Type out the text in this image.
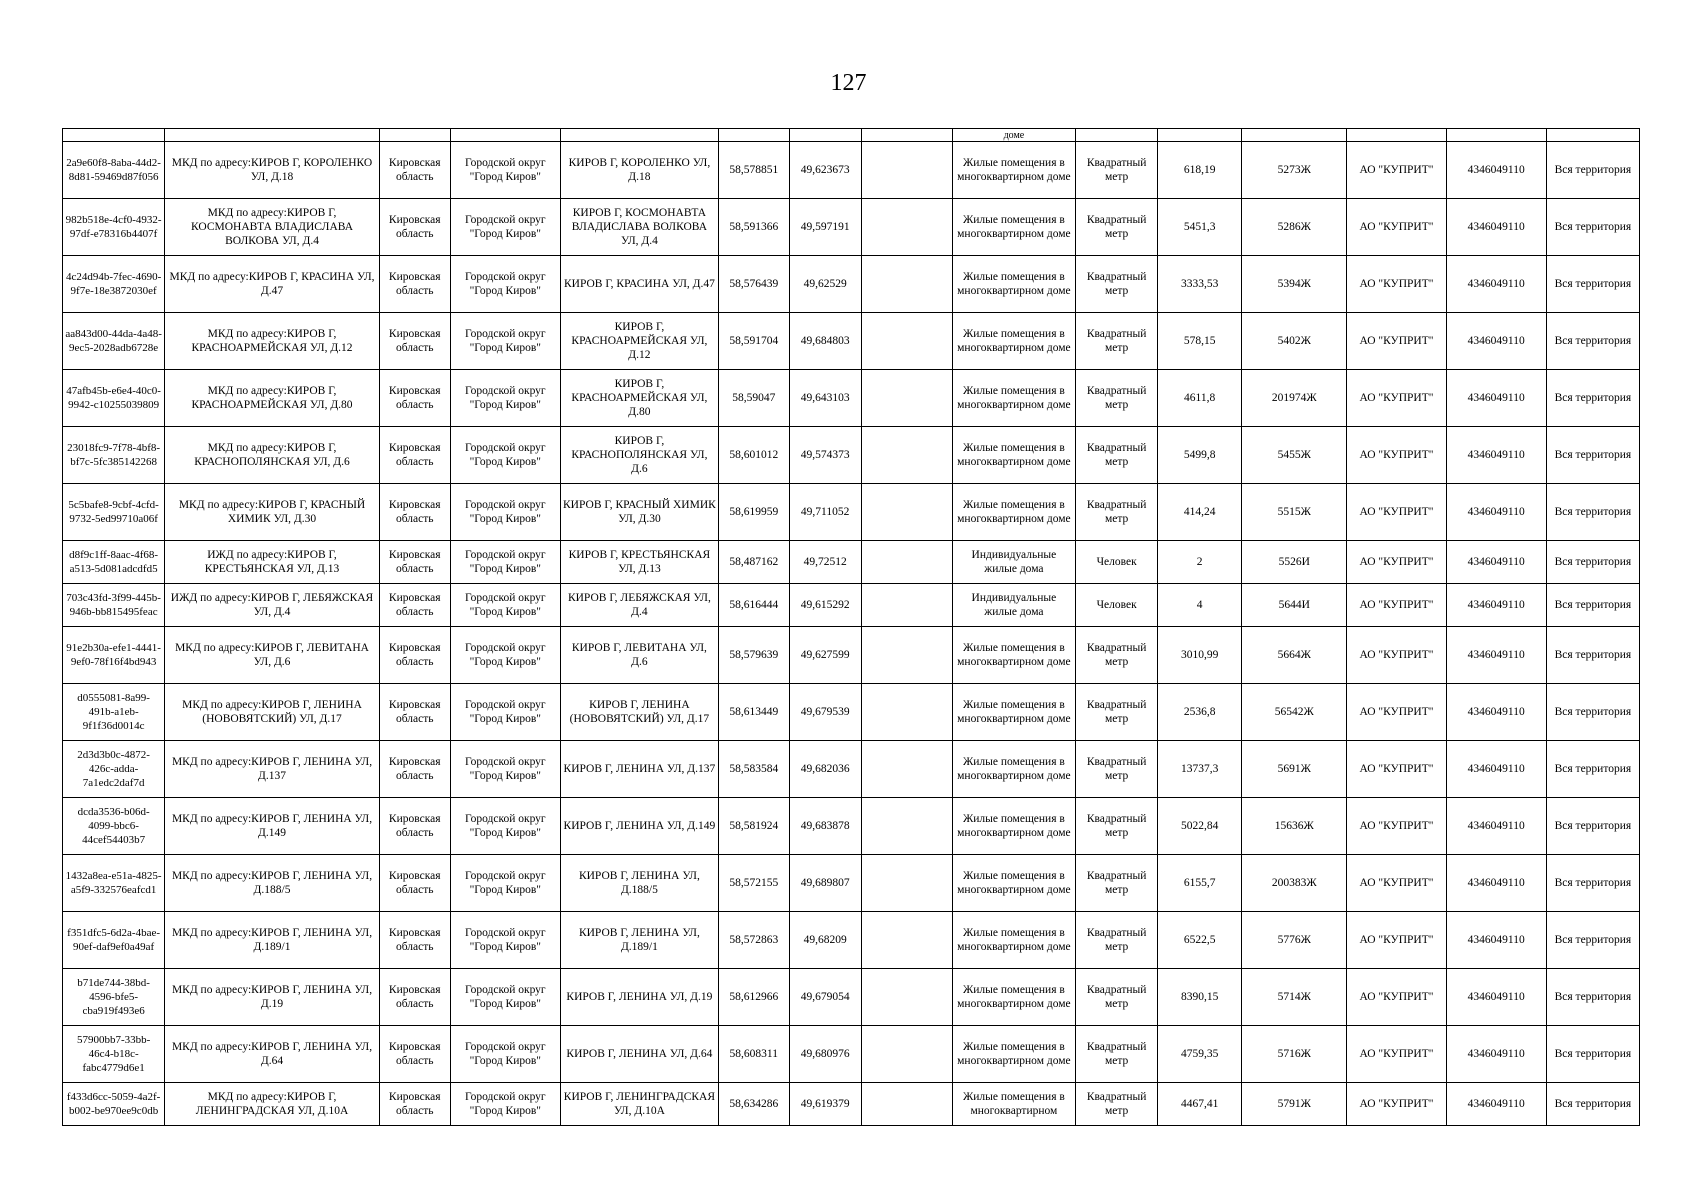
127
								доме						
2a9e60f8-8aba-44d2-8d81-59469d87f056	МКД по адресу:КИРОВ Г, КОРОЛЕНКО УЛ, Д.18	Кировская область	Городской округ "Город Киров"	КИРОВ Г, КОРОЛЕНКО УЛ, Д.18	58,578851	49,623673		Жилые помещения в многоквартирном доме	Квадратный метр	618,19	5273Ж	АО "КУПРИТ"	4346049110	Вся территория
982b518e-4cf0-4932-97df-e78316b4407f	МКД по адресу:КИРОВ Г, КОСМОНАВТА ВЛАДИСЛАВА ВОЛКОВА УЛ, Д.4	Кировская область	Городской округ "Город Киров"	КИРОВ Г, КОСМОНАВТА ВЛАДИСЛАВА ВОЛКОВА УЛ, Д.4	58,591366	49,597191		Жилые помещения в многоквартирном доме	Квадратный метр	5451,3	5286Ж	АО "КУПРИТ"	4346049110	Вся территория
4c24d94b-7fec-4690-9f7e-18e3872030ef	МКД по адресу:КИРОВ Г, КРАСИНА УЛ, Д.47	Кировская область	Городской округ "Город Киров"	КИРОВ Г, КРАСИНА УЛ, Д.47	58,576439	49,62529		Жилые помещения в многоквартирном доме	Квадратный метр	3333,53	5394Ж	АО "КУПРИТ"	4346049110	Вся территория
aa843d00-44da-4a48-9ec5-2028adb6728e	МКД по адресу:КИРОВ Г, КРАСНОАРМЕЙСКАЯ УЛ, Д.12	Кировская область	Городской округ "Город Киров"	КИРОВ Г, КРАСНОАРМЕЙСКАЯ УЛ, Д.12	58,591704	49,684803		Жилые помещения в многоквартирном доме	Квадратный метр	578,15	5402Ж	АО "КУПРИТ"	4346049110	Вся территория
47afb45b-e6e4-40c0-9942-c10255039809	МКД по адресу:КИРОВ Г, КРАСНОАРМЕЙСКАЯ УЛ, Д.80	Кировская область	Городской округ "Город Киров"	КИРОВ Г, КРАСНОАРМЕЙСКАЯ УЛ, Д.80	58,59047	49,643103		Жилые помещения в многоквартирном доме	Квадратный метр	4611,8	201974Ж	АО "КУПРИТ"	4346049110	Вся территория
23018fc9-7f78-4bf8-bf7c-5fc385142268	МКД по адресу:КИРОВ Г, КРАСНОПОЛЯНСКАЯ УЛ, Д.6	Кировская область	Городской округ "Город Киров"	КИРОВ Г, КРАСНОПОЛЯНСКАЯ УЛ, Д.6	58,601012	49,574373		Жилые помещения в многоквартирном доме	Квадратный метр	5499,8	5455Ж	АО "КУПРИТ"	4346049110	Вся территория
5c5bafe8-9cbf-4cfd-9732-5ed99710a06f	МКД по адресу:КИРОВ Г, КРАСНЫЙ ХИМИК УЛ, Д.30	Кировская область	Городской округ "Город Киров"	КИРОВ Г, КРАСНЫЙ ХИМИК УЛ, Д.30	58,619959	49,711052		Жилые помещения в многоквартирном доме	Квадратный метр	414,24	5515Ж	АО "КУПРИТ"	4346049110	Вся территория
d8f9c1ff-8aac-4f68-a513-5d081adcdfd5	ИЖД по адресу:КИРОВ Г, КРЕСТЬЯНСКАЯ УЛ, Д.13	Кировская область	Городской округ "Город Киров"	КИРОВ Г, КРЕСТЬЯНСКАЯ УЛ, Д.13	58,487162	49,72512		Индивидуальные жилые дома	Человек	2	5526И	АО "КУПРИТ"	4346049110	Вся территория
703c43fd-3f99-445b-946b-bb815495feac	ИЖД по адресу:КИРОВ Г, ЛЕБЯЖСКАЯ УЛ, Д.4	Кировская область	Городской округ "Город Киров"	КИРОВ Г, ЛЕБЯЖСКАЯ УЛ, Д.4	58,616444	49,615292		Индивидуальные жилые дома	Человек	4	5644И	АО "КУПРИТ"	4346049110	Вся территория
91e2b30a-efe1-4441-9ef0-78f16f4bd943	МКД по адресу:КИРОВ Г, ЛЕВИТАНА УЛ, Д.6	Кировская область	Городской округ "Город Киров"	КИРОВ Г, ЛЕВИТАНА УЛ, Д.6	58,579639	49,627599		Жилые помещения в многоквартирном доме	Квадратный метр	3010,99	5664Ж	АО "КУПРИТ"	4346049110	Вся территория
d0555081-8a99-491b-a1eb-9f1f36d0014c	МКД по адресу:КИРОВ Г, ЛЕНИНА (НОВОВЯТСКИЙ) УЛ, Д.17	Кировская область	Городской округ "Город Киров"	КИРОВ Г, ЛЕНИНА (НОВОВЯТСКИЙ) УЛ, Д.17	58,613449	49,679539		Жилые помещения в многоквартирном доме	Квадратный метр	2536,8	56542Ж	АО "КУПРИТ"	4346049110	Вся территория
2d3d3b0c-4872-426c-adda-7a1edc2daf7d	МКД по адресу:КИРОВ Г, ЛЕНИНА УЛ, Д.137	Кировская область	Городской округ "Город Киров"	КИРОВ Г, ЛЕНИНА УЛ, Д.137	58,583584	49,682036		Жилые помещения в многоквартирном доме	Квадратный метр	13737,3	5691Ж	АО "КУПРИТ"	4346049110	Вся территория
dcda3536-b06d-4099-bbc6-44cef54403b7	МКД по адресу:КИРОВ Г, ЛЕНИНА УЛ, Д.149	Кировская область	Городской округ "Город Киров"	КИРОВ Г, ЛЕНИНА УЛ, Д.149	58,581924	49,683878		Жилые помещения в многоквартирном доме	Квадратный метр	5022,84	15636Ж	АО "КУПРИТ"	4346049110	Вся территория
1432a8ea-e51a-4825-a5f9-332576eafcd1	МКД по адресу:КИРОВ Г, ЛЕНИНА УЛ, Д.188/5	Кировская область	Городской округ "Город Киров"	КИРОВ Г, ЛЕНИНА УЛ, Д.188/5	58,572155	49,689807		Жилые помещения в многоквартирном доме	Квадратный метр	6155,7	200383Ж	АО "КУПРИТ"	4346049110	Вся территория
f351dfc5-6d2a-4bae-90ef-daf9ef0a49af	МКД по адресу:КИРОВ Г, ЛЕНИНА УЛ, Д.189/1	Кировская область	Городской округ "Город Киров"	КИРОВ Г, ЛЕНИНА УЛ, Д.189/1	58,572863	49,68209		Жилые помещения в многоквартирном доме	Квадратный метр	6522,5	5776Ж	АО "КУПРИТ"	4346049110	Вся территория
b71de744-38bd-4596-bfe5-cba919f493e6	МКД по адресу:КИРОВ Г, ЛЕНИНА УЛ, Д.19	Кировская область	Городской округ "Город Киров"	КИРОВ Г, ЛЕНИНА УЛ, Д.19	58,612966	49,679054		Жилые помещения в многоквартирном доме	Квадратный метр	8390,15	5714Ж	АО "КУПРИТ"	4346049110	Вся территория
57900bb7-33bb-46c4-b18c-fabc4779d6e1	МКД по адресу:КИРОВ Г, ЛЕНИНА УЛ, Д.64	Кировская область	Городской округ "Город Киров"	КИРОВ Г, ЛЕНИНА УЛ, Д.64	58,608311	49,680976		Жилые помещения в многоквартирном доме	Квадратный метр	4759,35	5716Ж	АО "КУПРИТ"	4346049110	Вся территория
f433d6cc-5059-4a2f-b002-be970ee9c0db	МКД по адресу:КИРОВ Г, ЛЕНИНГРАДСКАЯ УЛ, Д.10А	Кировская область	Городской округ "Город Киров"	КИРОВ Г, ЛЕНИНГРАДСКАЯ УЛ, Д.10А	58,634286	49,619379		Жилые помещения в многоквартирном	Квадратный метр	4467,41	5791Ж	АО "КУПРИТ"	4346049110	Вся территория
